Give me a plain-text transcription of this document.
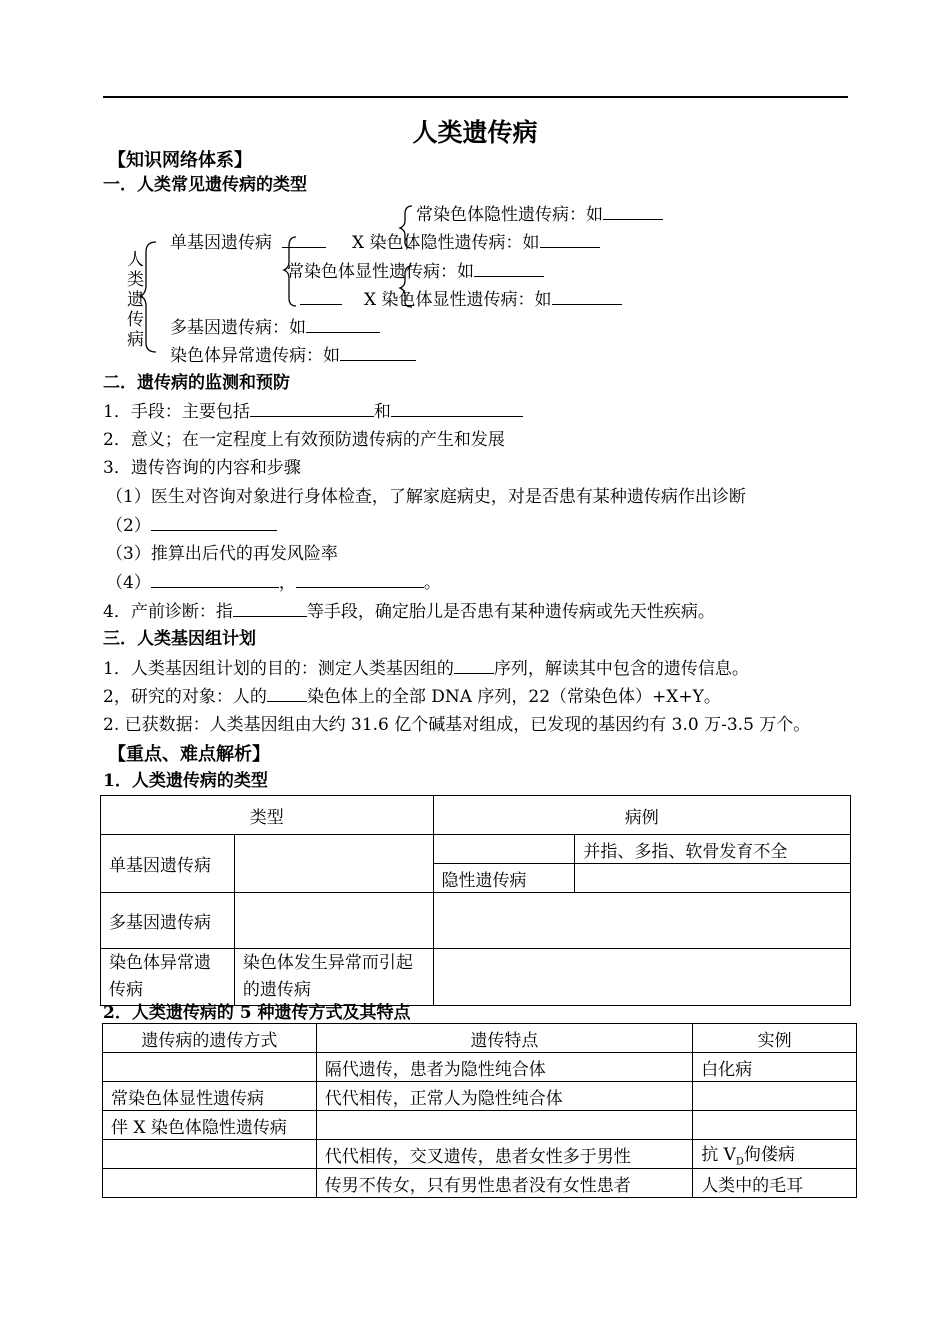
人类遗传病
【知识网络体系】
一．人类常见遗传病的类型
人
类
遗
传
病
常染色体隐性遗传病：如
单基因遗传病	X 染色体隐性遗传病：如
常染色体显性遗传病：如
X 染色体显性遗传病：如
多基因遗传病：如
染色体异常遗传病：如
二．遗传病的监测和预防
1．手段：主要包括	和
2．意义；在一定程度上有效预防遗传病的产生和发展
3．遗传咨询的内容和步骤
（1）医生对咨询对象进行身体检查，了解家庭病史，对是否患有某种遗传病作出诊断
（2）
（3）推算出后代的再发风险率
（4）	，	。
4．产前诊断：指	等手段，确定胎儿是否患有某种遗传病或先天性疾病。
三．人类基因组计划
1．人类基因组计划的目的：测定人类基因组的 序列，解读其中包含的遗传信息。
2，研究的对象：人的 染色体上的全部 DNA 序列，22（常染色体）+X+Y。
2. 已获数据：人类基因组由大约 31.6 亿个碱基对组成，已发现的基因约有 3.0 万-3.5 万个。
【重点、难点解析】
1．人类遗传病的类型
类型		病例	
单基因遗传病			并指、多指、软骨发育不全
		隐性遗传病	
多基因遗传病			
染色体异常遗传病	染色体发生异常而引起的遗传病		
2．人类遗传病的 5 种遗传方式及其特点
遗传病的遗传方式	遗传特点	实例
	隔代遗传，患者为隐性纯合体	白化病
常染色体显性遗传病	代代相传，正常人为隐性纯合体	
伴 X 染色体隐性遗传病		
	代代相传，交叉遗传，患者女性多于男性	抗 $V_D$佝偻病
	传男不传女，只有男性患者没有女性患者	人类中的毛耳
